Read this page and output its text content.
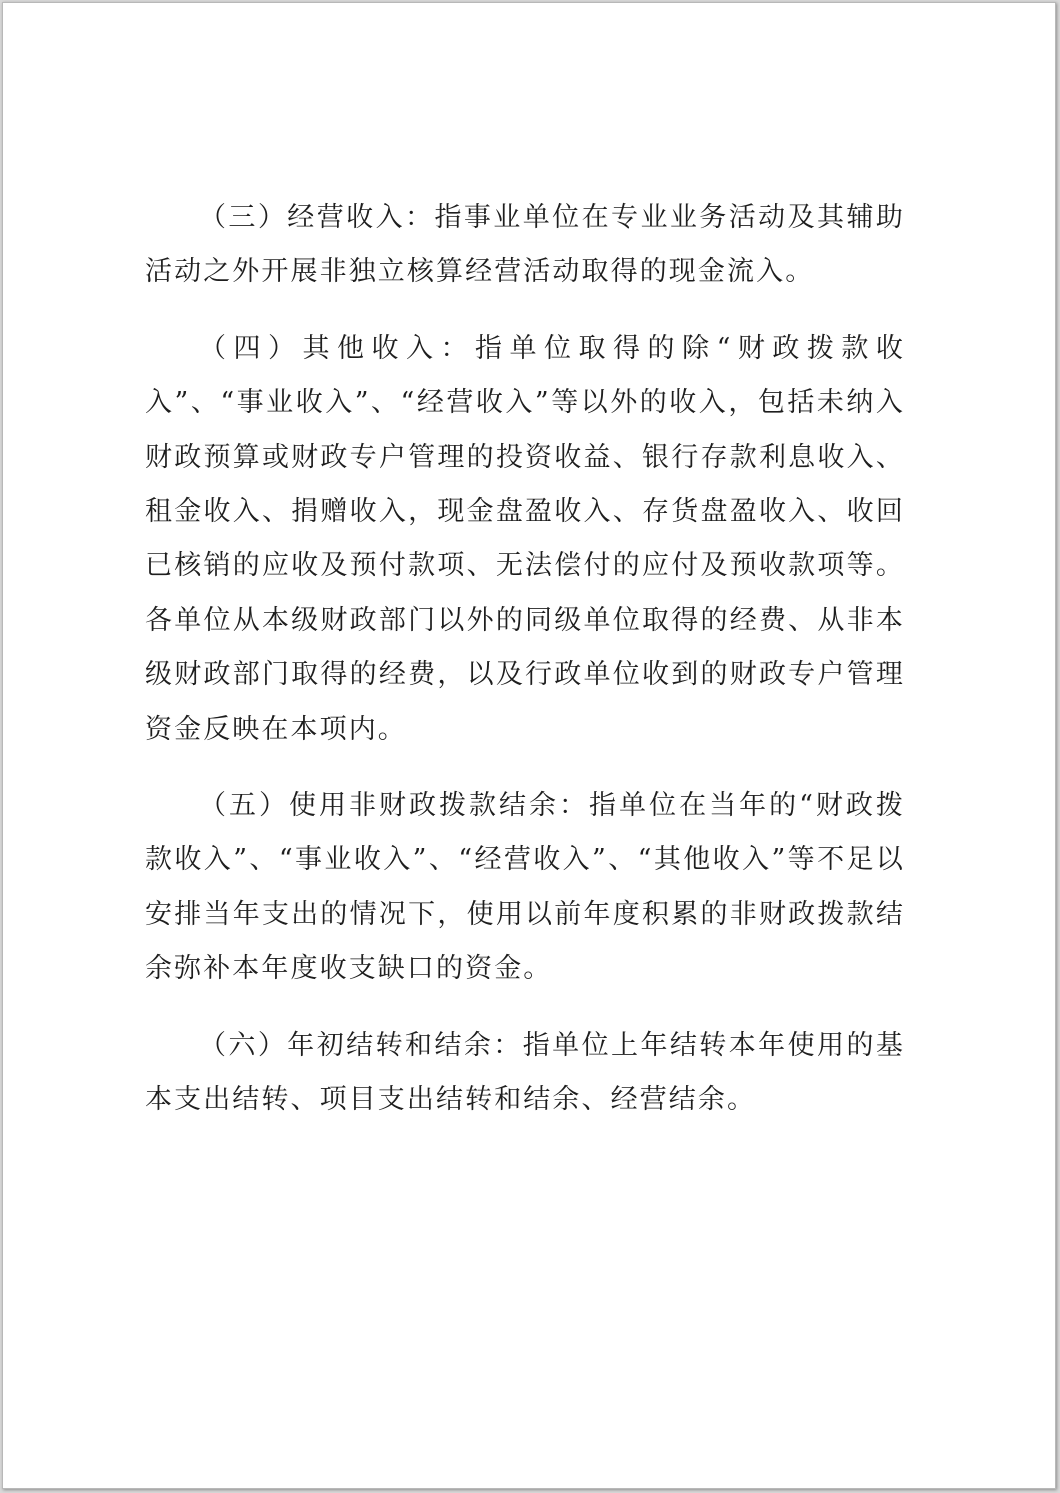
（三）经营收入：指事业单位在专业业务活动及其辅助活动之外开展非独立核算经营活动取得的现金流入。

（四）其他收入：指单位取得的除“财政拨款收入”、“事业收入”、“经营收入”等以外的收入，包括未纳入财政预算或财政专户管理的投资收益、银行存款利息收入、租金收入、捐赠收入，现金盘盈收入、存货盘盈收入、收回已核销的应收及预付款项、无法偿付的应付及预收款项等。各单位从本级财政部门以外的同级单位取得的经费、从非本级财政部门取得的经费，以及行政单位收到的财政专户管理资金反映在本项内。

（五）使用非财政拨款结余：指单位在当年的“财政拨款收入”、“事业收入”、“经营收入”、“其他收入”等不足以安排当年支出的情况下，使用以前年度积累的非财政拨款结余弥补本年度收支缺口的资金。

（六）年初结转和结余：指单位上年结转本年使用的基本支出结转、项目支出结转和结余、经营结余。
